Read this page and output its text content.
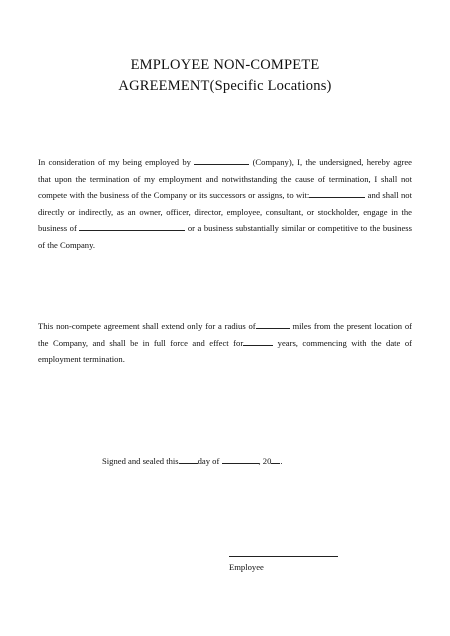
EMPLOYEE NON-COMPETE
AGREEMENT(Specific Locations)

In consideration of my being employed by	(Company), I, the undersigned, hereby agree that upon the termination of my employment and notwithstanding the cause of termination, I shall not compete with the business of the Company or its successors or assigns, to wit:	and shall not directly or indirectly, as an owner, officer, director, employee, consultant, or stockholder, engage in the business of	or a business substantially similar or competitive to the business of the Company.

This non-compete agreement shall extend only for a radius of	miles from the present location of the Company, and shall be in full force and effect for	years, commencing with the date of employment termination.

Signed and sealed this day of	, 20 .
Employee
